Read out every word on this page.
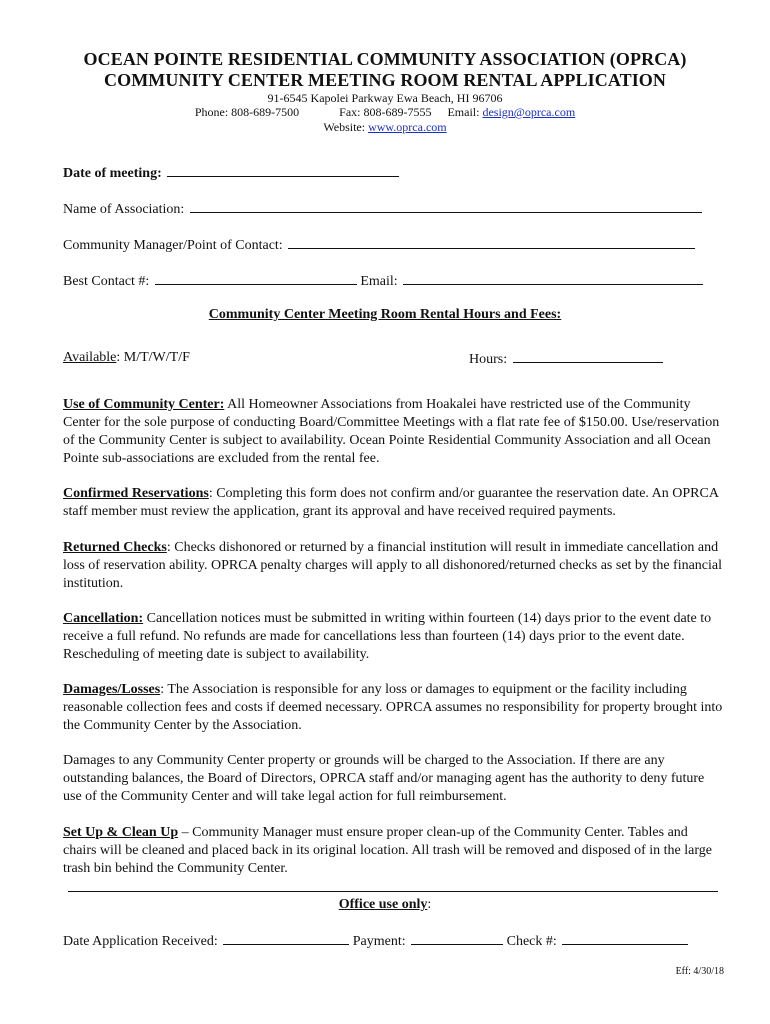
OCEAN POINTE RESIDENTIAL COMMUNITY ASSOCIATION (OPRCA)
COMMUNITY CENTER MEETING ROOM RENTAL APPLICATION
91-6545 Kapolei Parkway Ewa Beach, HI 96706
Phone: 808-689-7500	Fax: 808-689-7555 Email: design@oprca.com
Website: www.oprca.com
Date of meeting:
Name of Association:
Community Manager/Point of Contact:
Best Contact #:	Email:
Community Center Meeting Room Rental Hours and Fees:
Available: M/T/W/T/F	Hours:
Use of Community Center: All Homeowner Associations from Hoakalei have restricted use of the Community Center for the sole purpose of conducting Board/Committee Meetings with a flat rate fee of $150.00. Use/reservation of the Community Center is subject to availability. Ocean Pointe Residential Community Association and all Ocean Pointe sub-associations are excluded from the rental fee.
Confirmed Reservations: Completing this form does not confirm and/or guarantee the reservation date. An OPRCA staff member must review the application, grant its approval and have received required payments.
Returned Checks: Checks dishonored or returned by a financial institution will result in immediate cancellation and loss of reservation ability. OPRCA penalty charges will apply to all dishonored/returned checks as set by the financial institution.
Cancellation: Cancellation notices must be submitted in writing within fourteen (14) days prior to the event date to receive a full refund. No refunds are made for cancellations less than fourteen (14) days prior to the event date. Rescheduling of meeting date is subject to availability.
Damages/Losses: The Association is responsible for any loss or damages to equipment or the facility including reasonable collection fees and costs if deemed necessary. OPRCA assumes no responsibility for property brought into the Community Center by the Association.
Damages to any Community Center property or grounds will be charged to the Association. If there are any outstanding balances, the Board of Directors, OPRCA staff and/or managing agent has the authority to deny future use of the Community Center and will take legal action for full reimbursement.
Set Up & Clean Up – Community Manager must ensure proper clean-up of the Community Center. Tables and chairs will be cleaned and placed back in its original location. All trash will be removed and disposed of in the large trash bin behind the Community Center.
Office use only:
Date Application Received:	Payment:	Check #:
Eff: 4/30/18
